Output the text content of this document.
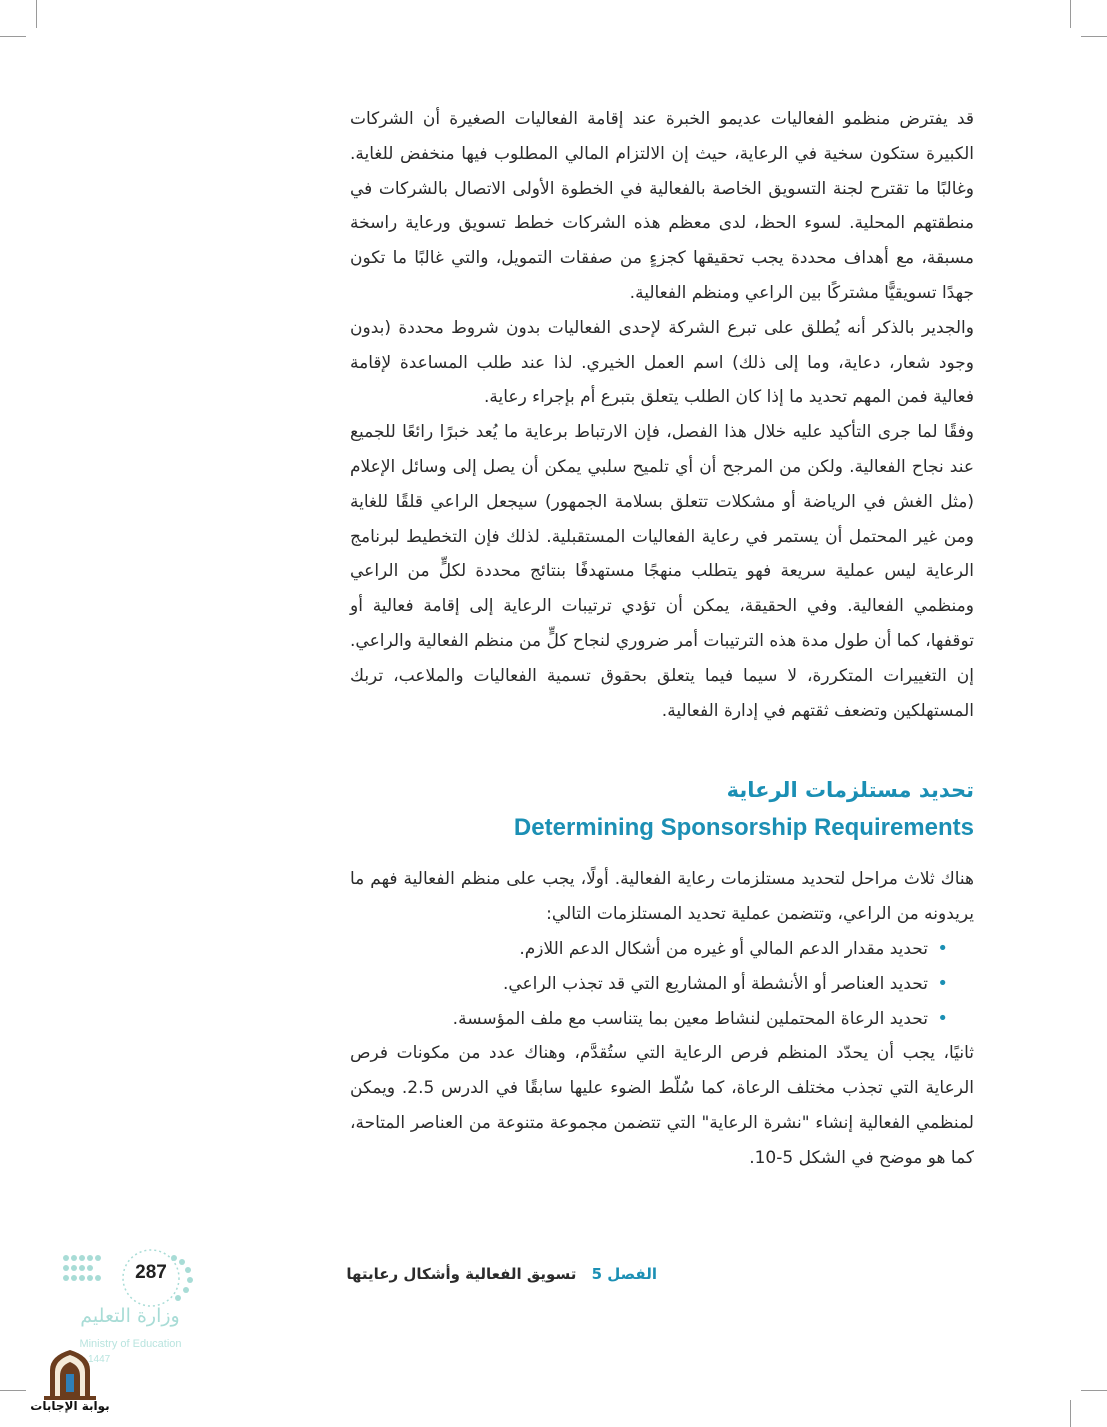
قد يفترض منظمو الفعاليات عديمو الخبرة عند إقامة الفعاليات الصغيرة أن الشركات الكبيرة ستكون سخية في الرعاية، حيث إن الالتزام المالي المطلوب فيها منخفض للغاية. وغالبًا ما تقترح لجنة التسويق الخاصة بالفعالية في الخطوة الأولى الاتصال بالشركات في منطقتهم المحلية. لسوء الحظ، لدى معظم هذه الشركات خطط تسويق ورعاية راسخة مسبقة، مع أهداف محددة يجب تحقيقها كجزءٍ من صفقات التمويل، والتي غالبًا ما تكون جهدًا تسويقيًّا مشتركًا بين الراعي ومنظم الفعالية.

والجدير بالذكر أنه يُطلق على تبرع الشركة لإحدى الفعاليات بدون شروط محددة (بدون وجود شعار، دعاية، وما إلى ذلك) اسم العمل الخيري. لذا عند طلب المساعدة لإقامة فعالية فمن المهم تحديد ما إذا كان الطلب يتعلق بتبرع أم بإجراء رعاية.

وفقًا لما جرى التأكيد عليه خلال هذا الفصل، فإن الارتباط برعاية ما يُعد خبرًا رائعًا للجميع عند نجاح الفعالية. ولكن من المرجح أن أي تلميح سلبي يمكن أن يصل إلى وسائل الإعلام (مثل الغش في الرياضة أو مشكلات تتعلق بسلامة الجمهور) سيجعل الراعي قلقًا للغاية ومن غير المحتمل أن يستمر في رعاية الفعاليات المستقبلية. لذلك فإن التخطيط لبرنامج الرعاية ليس عملية سريعة فهو يتطلب منهجًا مستهدفًا بنتائج محددة لكلٍّ من الراعي ومنظمي الفعالية. وفي الحقيقة، يمكن أن تؤدي ترتيبات الرعاية إلى إقامة فعالية أو توقفها، كما أن طول مدة هذه الترتيبات أمر ضروري لنجاح كلٍّ من منظم الفعالية والراعي. إن التغييرات المتكررة، لا سيما فيما يتعلق بحقوق تسمية الفعاليات والملاعب، تربك المستهلكين وتضعف ثقتهم في إدارة الفعالية.

تحديد مستلزمات الرعاية
Determining Sponsorship Requirements

هناك ثلاث مراحل لتحديد مستلزمات رعاية الفعالية. أولًا، يجب على منظم الفعالية فهم ما يريدونه من الراعي، وتتضمن عملية تحديد المستلزمات التالي:

•
تحديد مقدار الدعم المالي أو غيره من أشكال الدعم اللازم.
•
تحديد العناصر أو الأنشطة أو المشاريع التي قد تجذب الراعي.
•
تحديد الرعاة المحتملين لنشاط معين بما يتناسب مع ملف المؤسسة.

ثانيًا، يجب أن يحدّد المنظم فرص الرعاية التي ستُقدَّم، وهناك عدد من مكونات فرص الرعاية التي تجذب مختلف الرعاة، كما سُلّط الضوء عليها سابقًا في الدرس 2.5. ويمكن لمنظمي الفعالية إنشاء "نشرة الرعاية" التي تتضمن مجموعة متنوعة من العناصر المتاحة، كما هو موضح في الشكل 5-10.

الفصل 5 تسويق الفعالية وأشكال رعايتها
287
وزارة التعليم
Ministry of Education
1447
بوابة الإجابات
